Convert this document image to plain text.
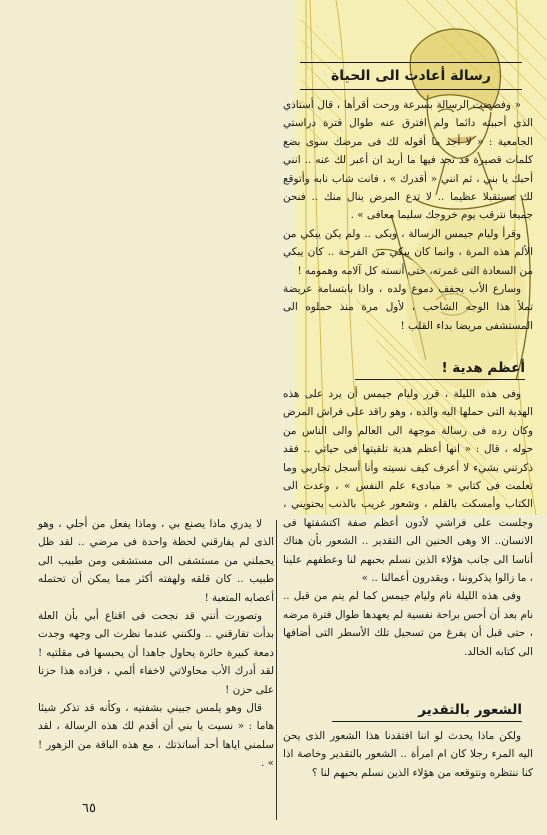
رسالة أعادت الى الحياة

« وفضضت الرسالة بسرعة ورحت أقرأها ، قال أستاذي الذى أحببته دائما ولم افترق عنه طوال فترة دراستي الجامعية : « لا أجد ما أقوله لك فى مرضك سوى بضع كلمات قصيرة قد تجد فيها ما أريد ان أعبر لك عنه .. انني أحبك يا بني ، ثم انني « أقدرك » ، فانت شاب نابه وأتوقع لك مستقبلا عظيما .. لا تدع المرض ينال منك .. فنحن جميعا نترقب يوم خروجك سليما معافى » .

وقرأ وليام جيمس الرسالة ، وبكى .. ولم يكن يبكي من الألم هذه المرة ، وانما كان يبكي من الفرحة .. كان يبكي من السعادة التى غمرته، حتى أنسته كل آلامه وهمومه !

وسارع الأب يجفف دموع ولده ، واذا بابتسامة عريضة تملأ هذا الوجه الشاحب ، لأول مرة منذ حملوه الى المستشفى مريضا بداء القلب !

أعظم هدية !

وفى هذه الليلة ، قرر وليام جيمس أن يرد على هذه الهدية التى حملها اليه والده ، وهو راقد على فراش المرض وكان رده فى رسالة موجهة الى العالم والى الناس من حوله ، قال : « انها أعظم هدية تلقيتها فى حياتي .. فقد ذكرتني بشيء لا أعرف كيف نسيته وأنا أسجل تجاربي وما تعلمت فى كتابي « مبادىء علم النفس » ، وعدت الى الكتاب وأمسكت بالقلم ، وشعور غريب بالذنب يحتويني ، وجلست على فراشي لأدون أعظم صفة اكتشفتها فى الانسان.. الا وهى الحنين الى التقدير .. الشعور بأن هناك أناسا الى جانب هؤلاء الذين نسلم بحبهم لنا وعطفهم علينا ، ما زالوا يذكروننا ، ويقدرون أعمالنا .. »

وفى هذه الليلة نام وليام جيمس كما لم ينم من قبل .. نام بعد أن أحس براحة نفسية لم يعهدها طوال فترة مرضه ، حتى قبل أن يفرغ من تسجيل تلك الأسطر التى أضافها الى كتابه الخالد.

الشعور بالتقدير

ولكن ماذا يحدث لو اننا افتقدنا هذا الشعور الذى يحن اليه المرء رجلا كان ام امرأة .. الشعور بالتقدير وخاصة اذا كنا ننتظره ونتوقعه من هؤلاء الذين نسلم بحبهم لنا ؟

لا يدري ماذا يصنع بي ، وماذا يفعل من أجلي ، وهو الذى لم يفارقني لحظة واحدة فى مرضي .. لقد ظل يحملني من مستشفى الى مستشفى ومن طبيب الى طبيب .. كان قلقه ولهفته أكثر مما يمكن أن تحتمله أعصابه المتعبة !

وتصورت أنني قد نجحت فى اقناع أبي بأن العلة بدأت تفارقني .. ولكنني عندما نظرت الى وجهه وجدت دمعة كبيرة حائرة يحاول جاهدا أن يحبسها فى مقلتيه ! لقد أدرك الأب محاولاتي لاخفاء ألمي ، فزاده هذا حزنا على حزن !

قال وهو يلمس جبيني بشفتيه ، وكأنه قد تذكر شيئا هاما : « نسيت يا بني أن أقدم لك هذه الرسالة ، لقد سلمني اياها أحد أساتذتك ، مع هذه الباقة من الزهور ! » .

٦٥
